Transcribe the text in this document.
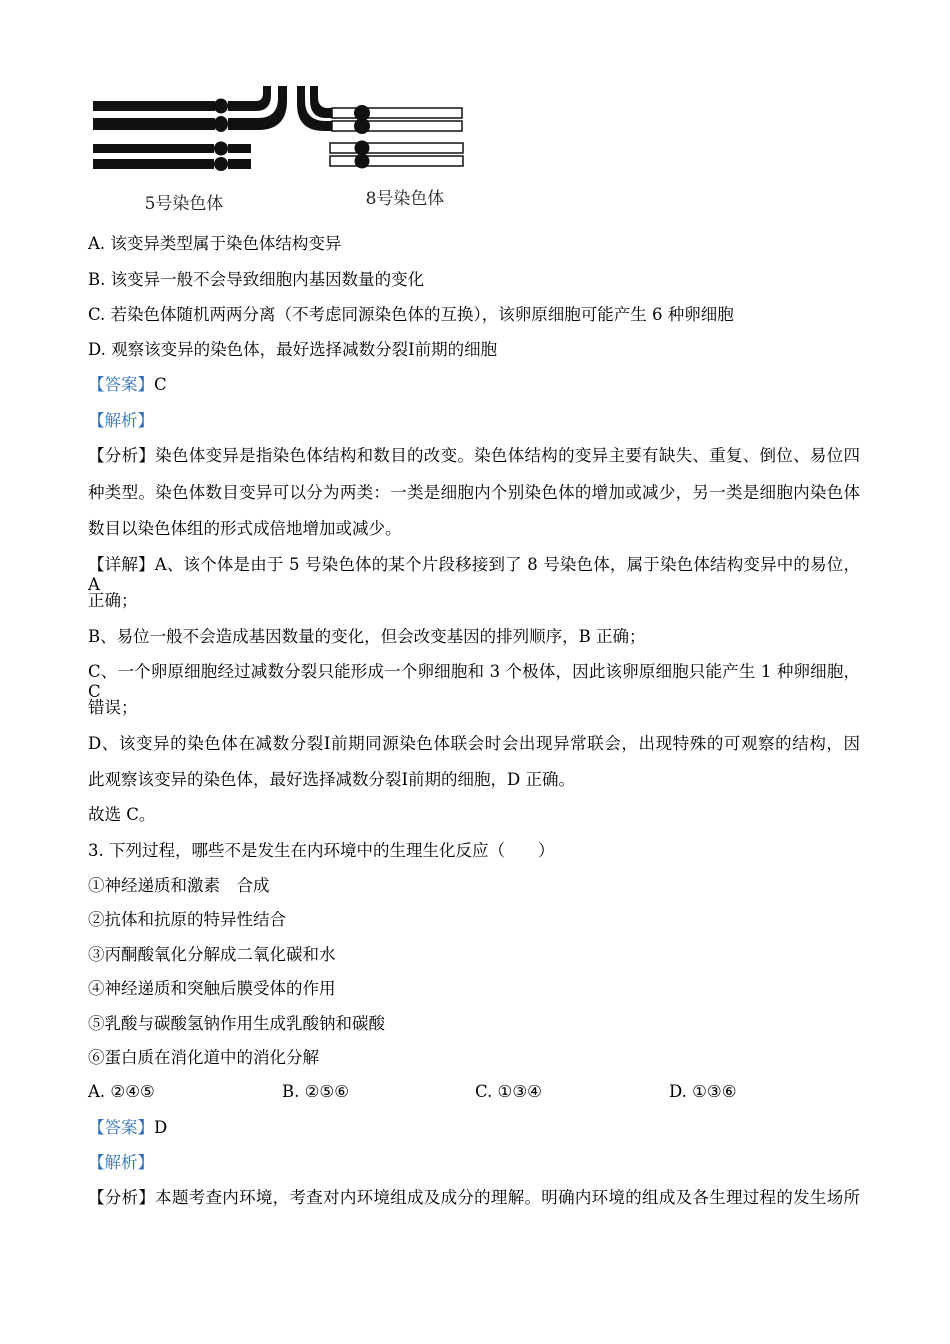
5号染色体	8号染色体
A. 该变异类型属于染色体结构变异
B. 该变异一般不会导致细胞内基因数量的变化
C. 若染色体随机两两分离（不考虑同源染色体的互换），该卵原细胞可能产生 6 种卵细胞
D. 观察该变异的染色体，最好选择减数分裂Ⅰ前期的细胞
【答案】C
【解析】
【分析】染色体变异是指染色体结构和数目的改变。染色体结构的变异主要有缺失、重复、倒位、易位四
种类型。染色体数目变异可以分为两类：一类是细胞内个别染色体的增加或减少，另一类是细胞内染色体
数目以染色体组的形式成倍地增加或减少。
【详解】A、该个体是由于 5 号染色体的某个片段移接到了 8 号染色体，属于染色体结构变异中的易位，A
正确；
B、易位一般不会造成基因数量的变化，但会改变基因的排列顺序，B 正确；
C、一个卵原细胞经过减数分裂只能形成一个卵细胞和 3 个极体，因此该卵原细胞只能产生 1 种卵细胞，C
错误；
D、该变异的染色体在减数分裂Ⅰ前期同源染色体联会时会出现异常联会，出现特殊的可观察的结构，因
此观察该变异的染色体，最好选择减数分裂Ⅰ前期的细胞，D 正确。
故选 C。
3. 下列过程，哪些不是发生在内环境中的生理生化反应（　　）
①神经递质和激素　合成
②抗体和抗原的特异性结合
③丙酮酸氧化分解成二氧化碳和水
④神经递质和突触后膜受体的作用
⑤乳酸与碳酸氢钠作用生成乳酸钠和碳酸
⑥蛋白质在消化道中的消化分解
A. ②④⑤	B. ②⑤⑥	C. ①③④	D. ①③⑥
【答案】D
【解析】
【分析】本题考查内环境，考查对内环境组成及成分的理解。明确内环境的组成及各生理过程的发生场所
